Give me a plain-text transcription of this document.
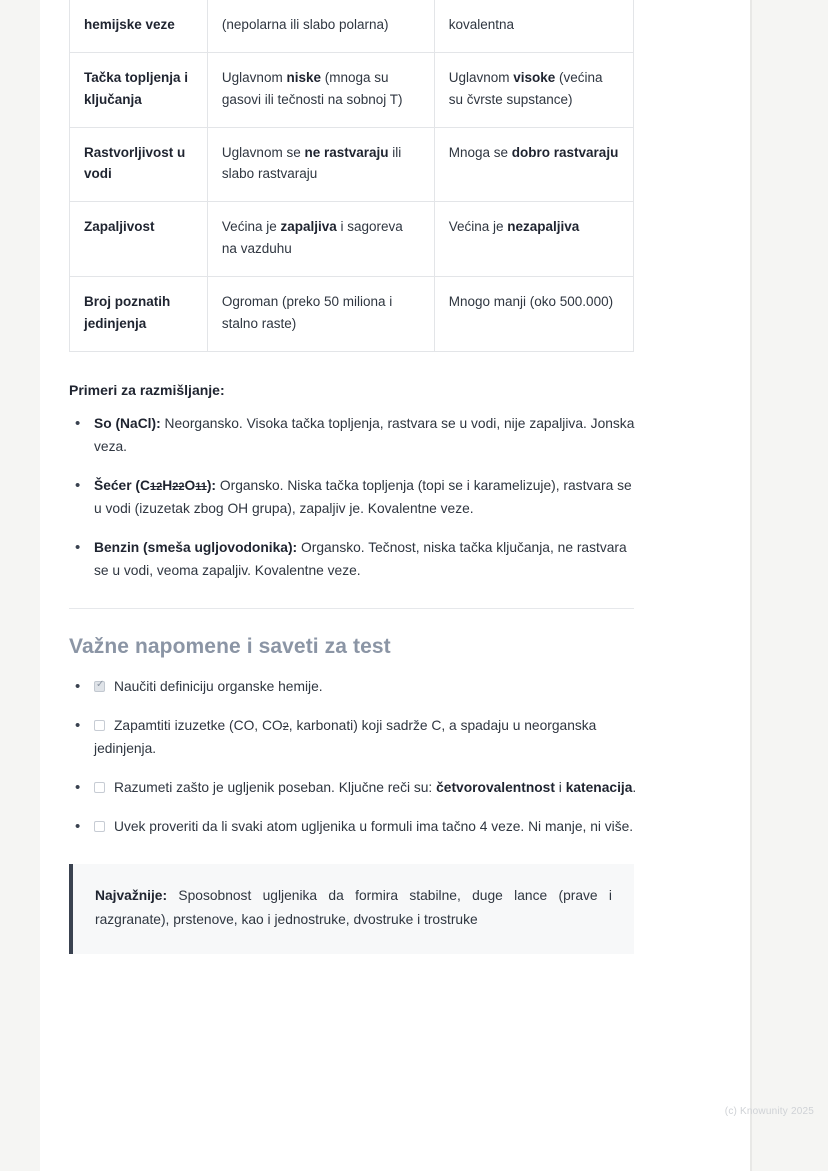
hemijske veze	(nepolarna ili slabo polarna)	kovalentna
Tačka topljenja i ključanja	Uglavnom niske (mnoga su gasovi ili tečnosti na sobnoj T)	Uglavnom visoke (većina su čvrste supstance)
Rastvorljivost u vodi	Uglavnom se ne rastvaraju ili slabo rastvaraju	Mnoga se dobro rastvaraju
Zapaljivost	Većina je zapaljiva i sagoreva na vazduhu	Većina je nezapaljiva
Broj poznatih jedinjenja	Ogroman (preko 50 miliona i stalno raste)	Mnogo manji (oko 500.000)
Primeri za razmišljanje:
• So (NaCl): Neorgansko. Visoka tačka topljenja, rastvara se u vodi, nije zapaljiva. Jonska veza.
• Šećer (C12H22O11): Organsko. Niska tačka topljenja (topi se i karamelizuje), rastvara se u vodi (izuzetak zbog OH grupa), zapaljiv je. Kovalentne veze.
• Benzin (smeša ugljovodonika): Organsko. Tečnost, niska tačka ključanja, ne rastvara se u vodi, veoma zapaljiv. Kovalentne veze.
Važne napomene i saveti za test
✓• Naučiti definiciju organske hemije.
• Zapamtiti izuzetke (CO, CO2, karbonati) koji sadrže C, a spadaju u neorganska jedinjenja.
• Razumeti zašto je ugljenik poseban. Ključne reči su: četvorovalentnost i katenacija.
• Uvek proveriti da li svaki atom ugljenika u formuli ima tačno 4 veze. Ni manje, ni više.
Najvažnije: Sposobnost ugljenika da formira stabilne, duge lance (prave i razgranate), prstenove, kao i jednostruke, dvostruke i trostruke
(c) Knowunity 2025
